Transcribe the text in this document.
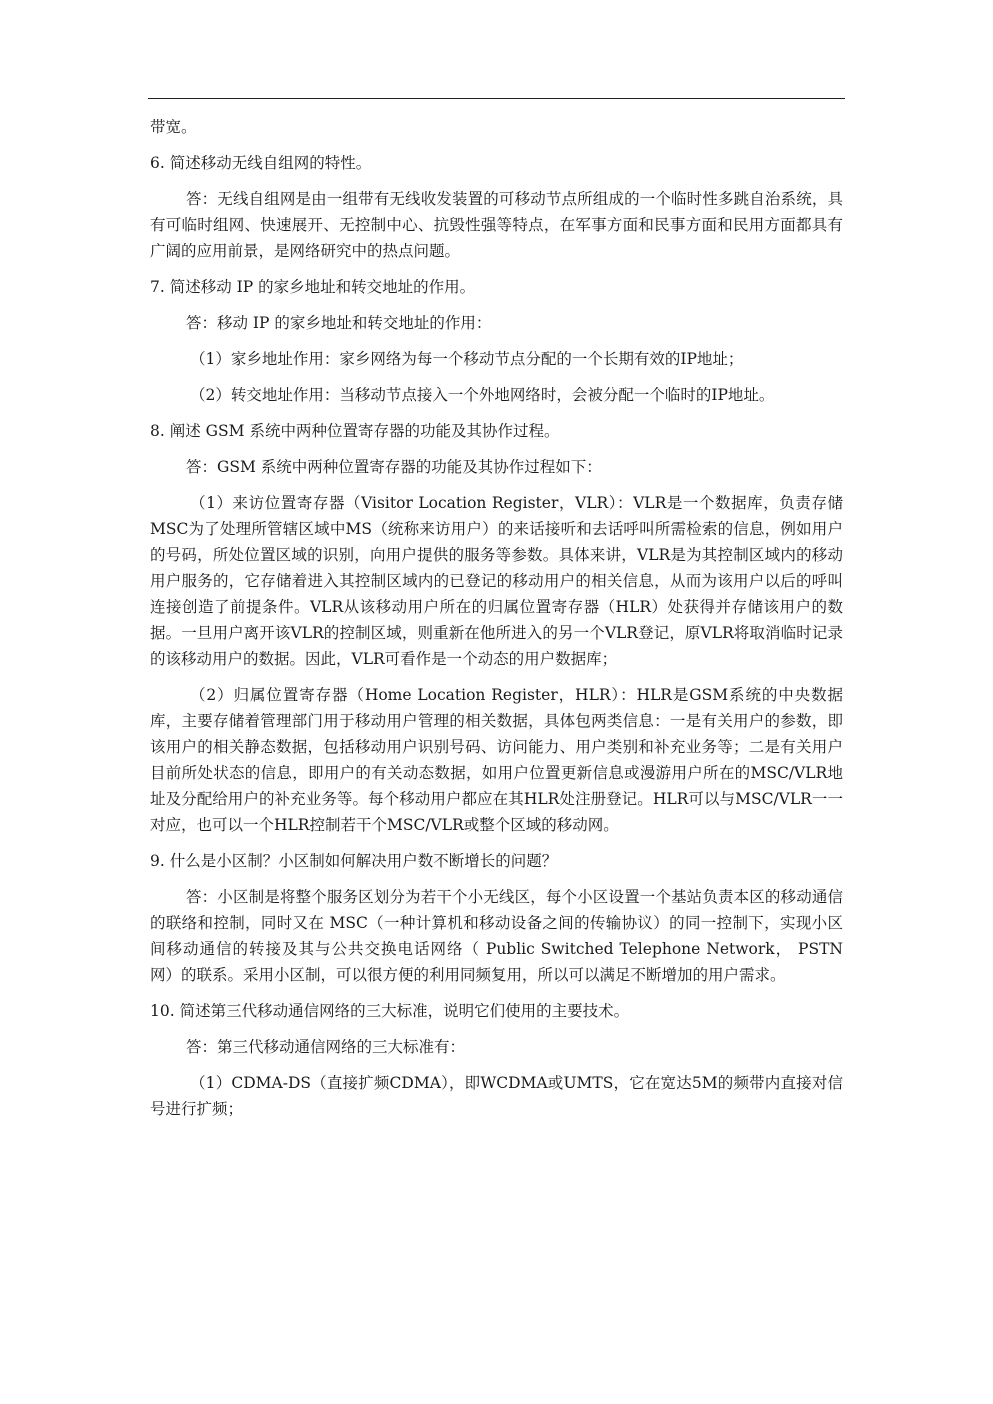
带宽。

6. 简述移动无线自组网的特性。

答：无线自组网是由一组带有无线收发装置的可移动节点所组成的一个临时性多跳自治系统，具有可临时组网、快速展开、无控制中心、抗毁性强等特点，在军事方面和民事方面和民用方面都具有广阔的应用前景，是网络研究中的热点问题。

7. 简述移动 IP 的家乡地址和转交地址的作用。

答：移动 IP 的家乡地址和转交地址的作用：

（1）家乡地址作用：家乡网络为每一个移动节点分配的一个长期有效的IP地址；

（2）转交地址作用：当移动节点接入一个外地网络时，会被分配一个临时的IP地址。

8. 阐述 GSM 系统中两种位置寄存器的功能及其协作过程。

答：GSM 系统中两种位置寄存器的功能及其协作过程如下：

（1）来访位置寄存器（Visitor Location Register，VLR）：VLR是一个数据库，负责存储MSC为了处理所管辖区域中MS（统称来访用户）的来话接听和去话呼叫所需检索的信息，例如用户的号码，所处位置区域的识别，向用户提供的服务等参数。具体来讲，VLR是为其控制区域内的移动用户服务的，它存储着进入其控制区域内的已登记的移动用户的相关信息，从而为该用户以后的呼叫连接创造了前提条件。VLR从该移动用户所在的归属位置寄存器（HLR）处获得并存储该用户的数据。一旦用户离开该VLR的控制区域，则重新在他所进入的另一个VLR登记，原VLR将取消临时记录的该移动用户的数据。因此，VLR可看作是一个动态的用户数据库；

（2）归属位置寄存器（Home Location Register，HLR）：HLR是GSM系统的中央数据库，主要存储着管理部门用于移动用户管理的相关数据，具体包两类信息：一是有关用户的参数，即该用户的相关静态数据，包括移动用户识别号码、访问能力、用户类别和补充业务等；二是有关用户目前所处状态的信息，即用户的有关动态数据，如用户位置更新信息或漫游用户所在的MSC/VLR地址及分配给用户的补充业务等。每个移动用户都应在其HLR处注册登记。HLR可以与MSC/VLR一一对应，也可以一个HLR控制若干个MSC/VLR或整个区域的移动网。

9. 什么是小区制？小区制如何解决用户数不断增长的问题？

答：小区制是将整个服务区划分为若干个小无线区，每个小区设置一个基站负责本区的移动通信的联络和控制，同时又在 MSC（一种计算机和移动设备之间的传输协议）的同一控制下，实现小区间移动通信的转接及其与公共交换电话网络（ Public Switched Telephone Network， PSTN 网）的联系。采用小区制，可以很方便的利用同频复用，所以可以满足不断增加的用户需求。

10. 简述第三代移动通信网络的三大标准，说明它们使用的主要技术。

答：第三代移动通信网络的三大标准有：

（1）CDMA-DS（直接扩频CDMA），即WCDMA或UMTS，它在宽达5M的频带内直接对信号进行扩频；
